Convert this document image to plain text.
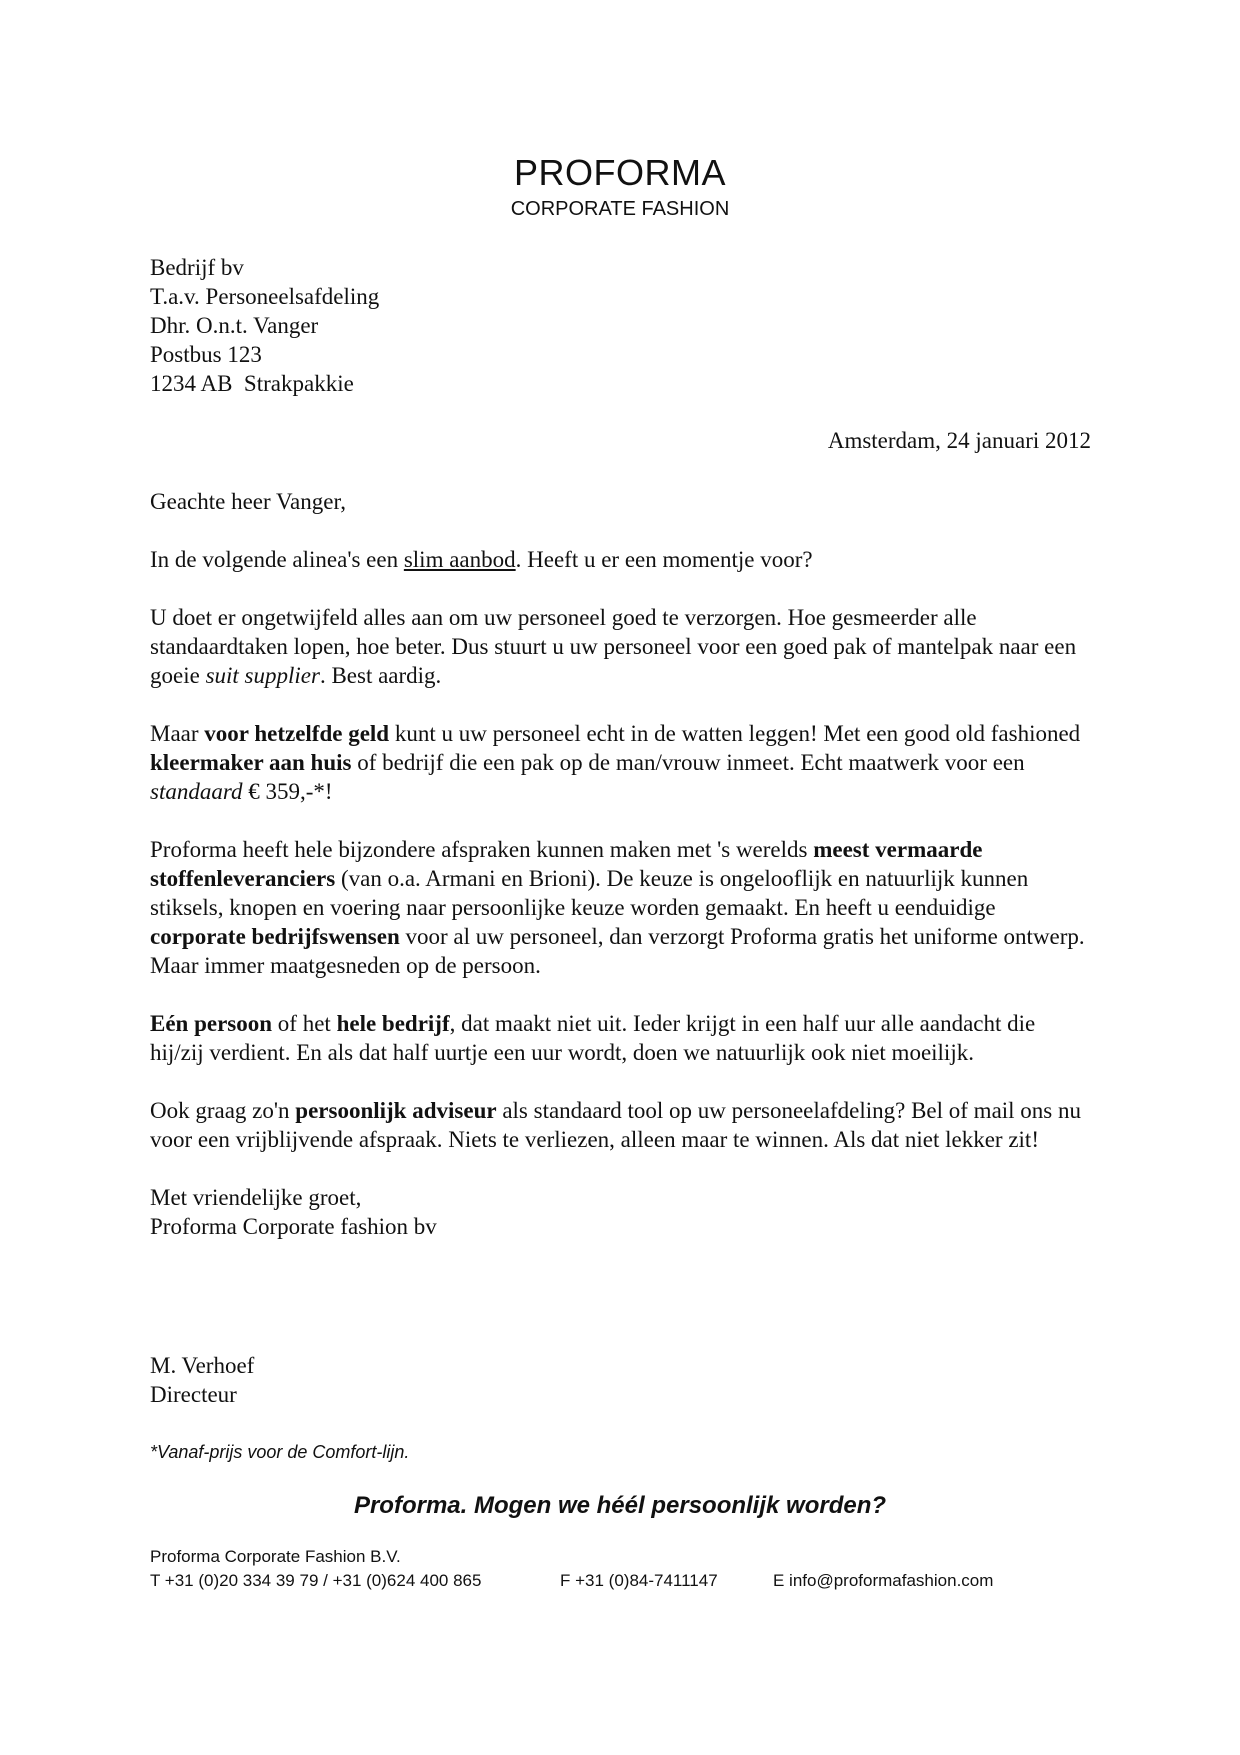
PROFORMA
CORPORATE FASHION
Bedrijf bv
T.a.v. Personeelsafdeling
Dhr. O.n.t. Vanger
Postbus 123
1234 AB  Strakpakkie
Amsterdam, 24 januari 2012

Geachte heer Vanger,

In de volgende alinea's een slim aanbod. Heeft u er een momentje voor?

U doet er ongetwijfeld alles aan om uw personeel goed te verzorgen. Hoe gesmeerder alle standaardtaken lopen, hoe beter. Dus stuurt u uw personeel voor een goed pak of mantelpak naar een goeie suit supplier. Best aardig.

Maar voor hetzelfde geld kunt u uw personeel echt in de watten leggen! Met een good old fashioned kleermaker aan huis of bedrijf die een pak op de man/vrouw inmeet. Echt maatwerk voor een standaard € 359,-*!

Proforma heeft hele bijzondere afspraken kunnen maken met 's werelds meest vermaarde stoffenleveranciers (van o.a. Armani en Brioni). De keuze is ongelooflijk en natuurlijk kunnen stiksels, knopen en voering naar persoonlijke keuze worden gemaakt. En heeft u eenduidige corporate bedrijfswensen voor al uw personeel, dan verzorgt Proforma gratis het uniforme ontwerp. Maar immer maatgesneden op de persoon.

Eén persoon of het hele bedrijf, dat maakt niet uit. Ieder krijgt in een half uur alle aandacht die hij/zij verdient. En als dat half uurtje een uur wordt, doen we natuurlijk ook niet moeilijk.

Ook graag zo'n persoonlijk adviseur als standaard tool op uw personeelafdeling? Bel of mail ons nu voor een vrijblijvende afspraak. Niets te verliezen, alleen maar te winnen. Als dat niet lekker zit!

Met vriendelijke groet,
Proforma Corporate fashion bv

M. Verhoef
Directeur
*Vanaf-prijs voor de Comfort-lijn.
Proforma. Mogen we héél persoonlijk worden?
Proforma Corporate Fashion B.V.
T +31 (0)20 334 39 79 / +31 (0)624 400 865	F +31 (0)84-7411147	E info@proformafashion.com
